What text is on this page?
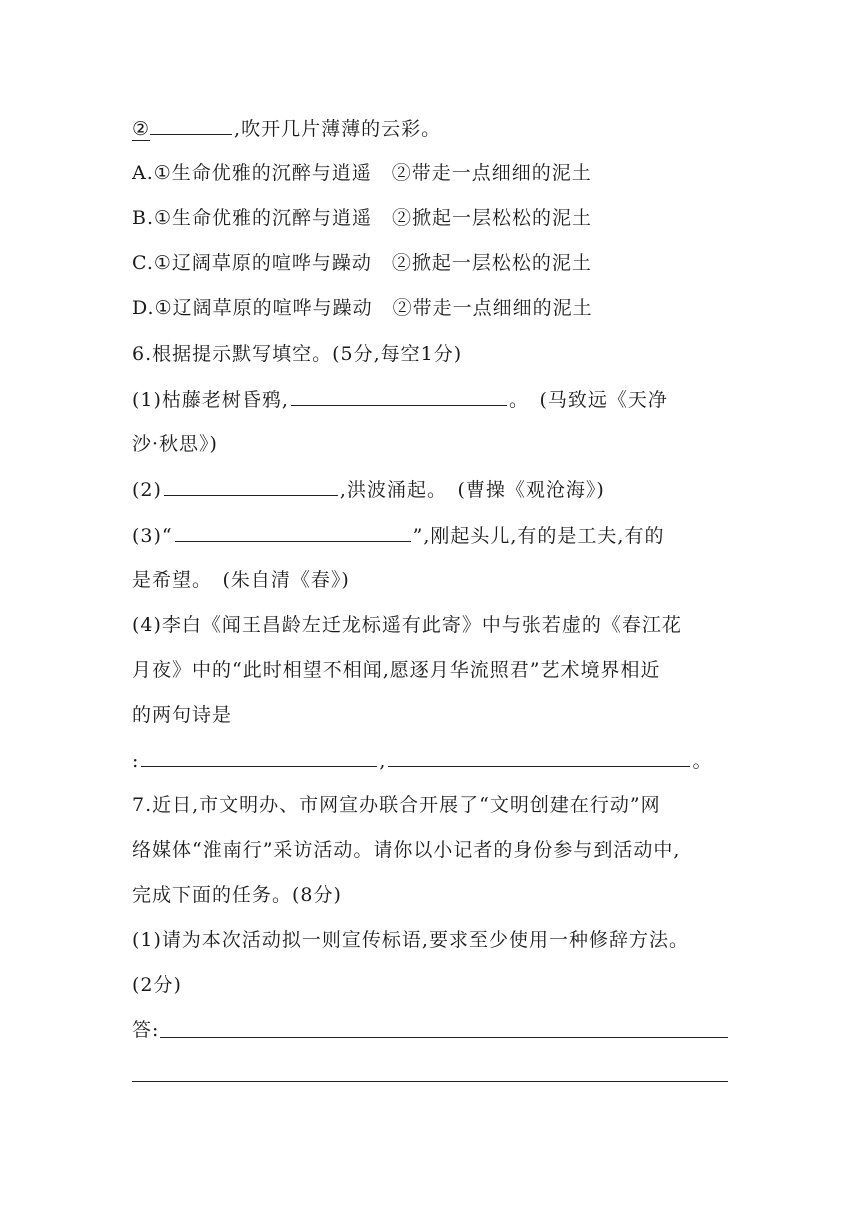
②	,吹开几片薄薄的云彩。
A.①生命优雅的沉醉与逍遥　②带走一点细细的泥土
B.①生命优雅的沉醉与逍遥　②掀起一层松松的泥土
C.①辽阔草原的喧哗与躁动　②掀起一层松松的泥土
D.①辽阔草原的喧哗与躁动　②带走一点细细的泥土
6.根据提示默写填空。(5分,每空1分)
(1)枯藤老树昏鸦,	。　(马致远《天净
沙·秋思》)
(2)	,洪波涌起。　(曹操《观沧海》)
(3)“	”,刚起头儿,有的是工夫,有的
是希望。　(朱自清《春》)
(4)李白《闻王昌龄左迁龙标遥有此寄》中与张若虚的《春江花
月夜》中的“此时相望不相闻,愿逐月华流照君”艺术境界相近
的两句诗是
:	,	。
7.近日,市文明办、市网宣办联合开展了“文明创建在行动”网
络媒体“淮南行”采访活动。请你以小记者的身份参与到活动中,
完成下面的任务。(8分)
(1)请为本次活动拟一则宣传标语,要求至少使用一种修辞方法。
(2分)
答:
